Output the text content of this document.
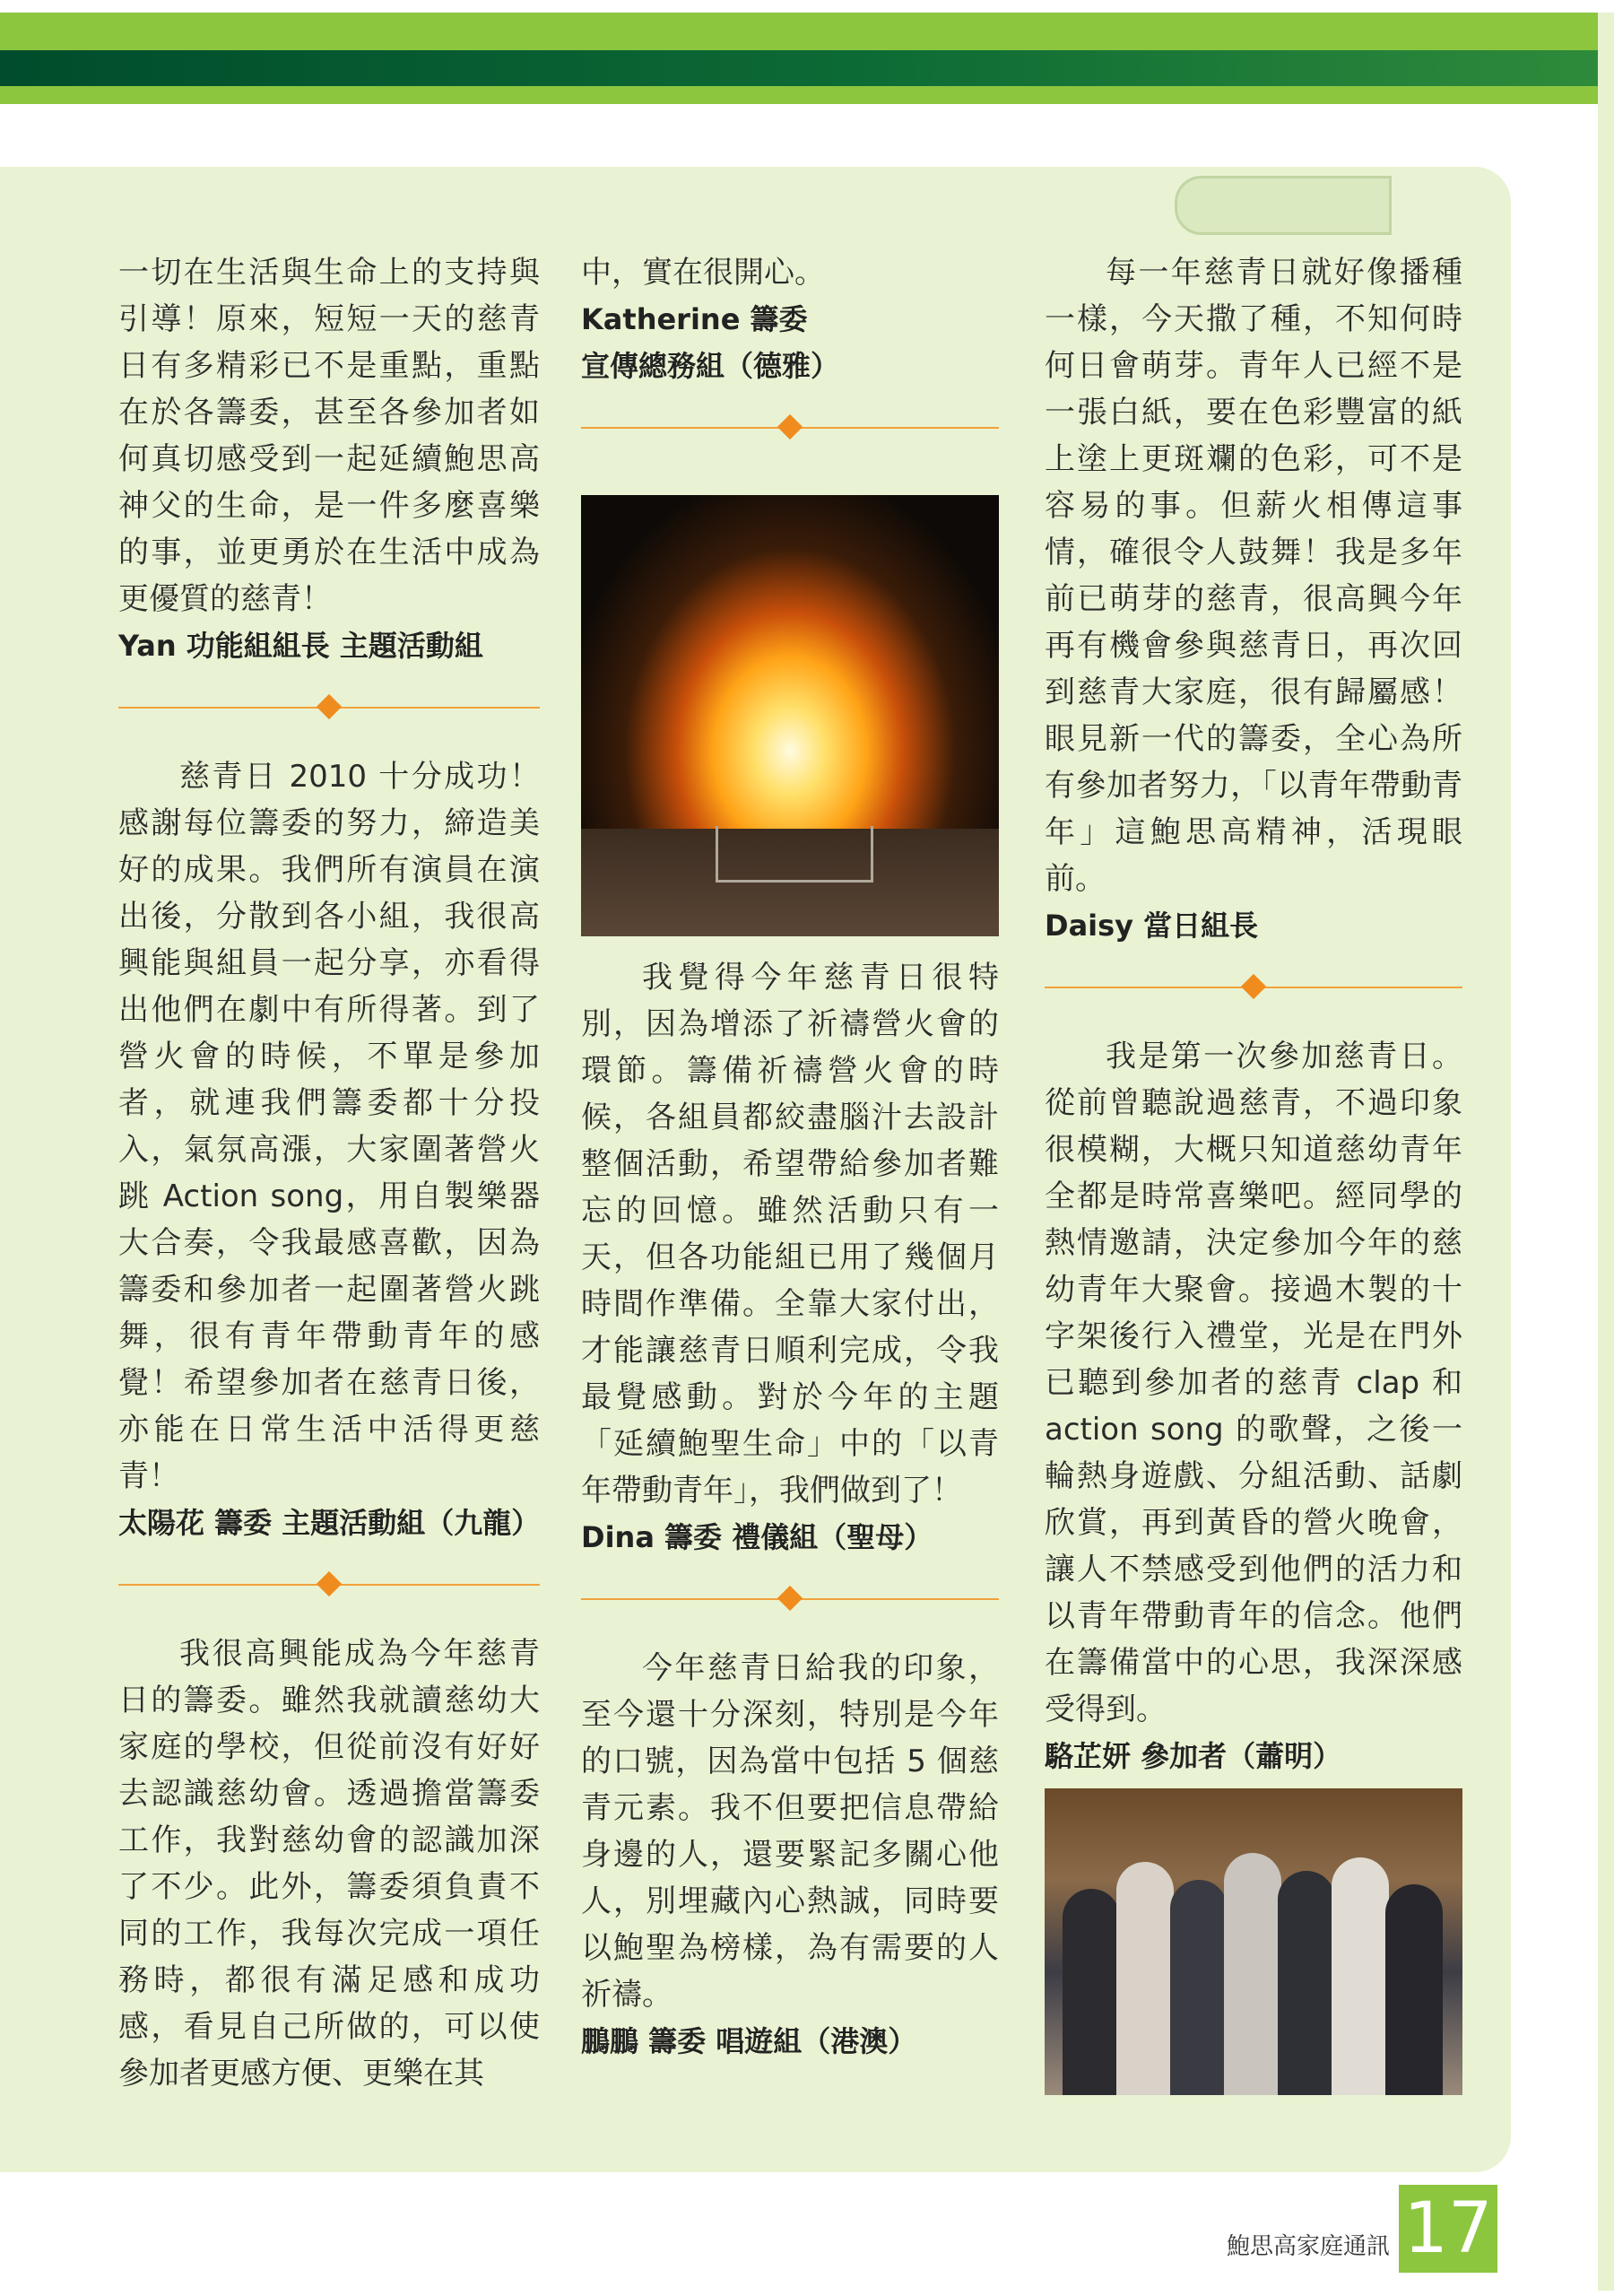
一切在生活與生命上的支持與引導！原來，短短一天的慈青日有多精彩已不是重點，重點在於各籌委，甚至各參加者如何真切感受到一起延續鮑思高神父的生命，是一件多麼喜樂的事，並更勇於在生活中成為更優質的慈青！

Yan 功能組組長 主題活動組

慈青日 2010 十分成功！感謝每位籌委的努力，締造美好的成果。我們所有演員在演出後，分散到各小組，我很高興能與組員一起分享，亦看得出他們在劇中有所得著。到了營火會的時候，不單是參加者，就連我們籌委都十分投入，氣氛高漲，大家圍著營火跳 Action song，用自製樂器大合奏，令我最感喜歡，因為籌委和參加者一起圍著營火跳舞，很有青年帶動青年的感覺！希望參加者在慈青日後，亦能在日常生活中活得更慈青！

太陽花 籌委 主題活動組（九龍）

我很高興能成為今年慈青日的籌委。雖然我就讀慈幼大家庭的學校，但從前沒有好好去認識慈幼會。透過擔當籌委工作，我對慈幼會的認識加深了不少。此外，籌委須負責不同的工作，我每次完成一項任務時，都很有滿足感和成功感，看見自己所做的，可以使參加者更感方便、更樂在其

中，實在很開心。

Katherine 籌委

宣傳總務組（德雅）

我覺得今年慈青日很特別，因為增添了祈禱營火會的環節。籌備祈禱營火會的時候，各組員都絞盡腦汁去設計整個活動，希望帶給參加者難忘的回憶。雖然活動只有一天，但各功能組已用了幾個月時間作準備。全靠大家付出，才能讓慈青日順利完成，令我最覺感動。對於今年的主題「延續鮑聖生命」中的「以青年帶動青年」，我們做到了！

Dina 籌委 禮儀組（聖母）

今年慈青日給我的印象，至今還十分深刻，特別是今年的口號，因為當中包括 5 個慈青元素。我不但要把信息帶給身邊的人，還要緊記多關心他人，別埋藏內心熱誠，同時要以鮑聖為榜樣，為有需要的人祈禱。

鵬鵬 籌委 唱遊組（港澳）

每一年慈青日就好像播種一樣，今天撒了種，不知何時何日會萌芽。青年人已經不是一張白紙，要在色彩豐富的紙上塗上更斑斕的色彩，可不是容易的事。但薪火相傳這事情，確很令人鼓舞！我是多年前已萌芽的慈青，很高興今年再有機會參與慈青日，再次回到慈青大家庭，很有歸屬感！眼見新一代的籌委，全心為所有參加者努力，「以青年帶動青年」這鮑思高精神，活現眼前。

Daisy 當日組長

我是第一次參加慈青日。從前曾聽說過慈青，不過印象很模糊，大概只知道慈幼青年全都是時常喜樂吧。經同學的熱情邀請，決定參加今年的慈幼青年大聚會。接過木製的十字架後行入禮堂，光是在門外已聽到參加者的慈青 clap 和 action song 的歌聲，之後一輪熱身遊戲、分組活動、話劇欣賞，再到黃昏的營火晚會，讓人不禁感受到他們的活力和以青年帶動青年的信念。他們在籌備當中的心思，我深深感受得到。

駱芷妍 參加者（蕭明）

鮑思高家庭通訊 17
